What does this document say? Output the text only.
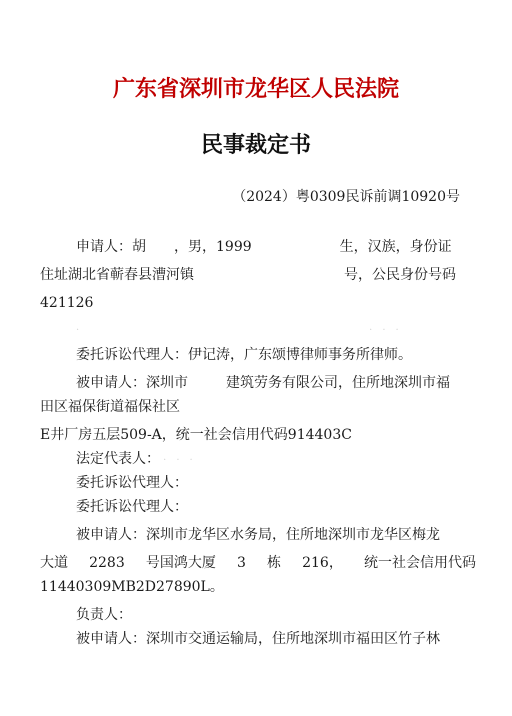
广东省深圳市龙华区人民法院
民事裁定书
（2024）粤0309民诉前调10920号
申请人：胡　　，男，1999	生，汉族，身份证
住址湖北省蕲春县漕河镇	号，公民身份号码
421126
·　　　　　　　　　　　　　　　　　　　　　　　　　　　　　·　·　·
委托诉讼代理人：伊记涛，广东颂博律师事务所律师。
被申请人：深圳市	建筑劳务有限公司，住所地深圳市福
田区福保街道福保社区
E井厂房五层509-A，统一社会信用代码914403C
法定代表人： ·　·　·
委托诉讼代理人：
委托诉讼代理人：
被申请人：深圳市龙华区水务局，住所地深圳市龙华区梅龙
大道 2283 号国鸿大厦 3 栋 216， 统一社会信用代码
11440309MB2D27890L。
负责人：
被申请人：深圳市交通运输局，住所地深圳市福田区竹子林
